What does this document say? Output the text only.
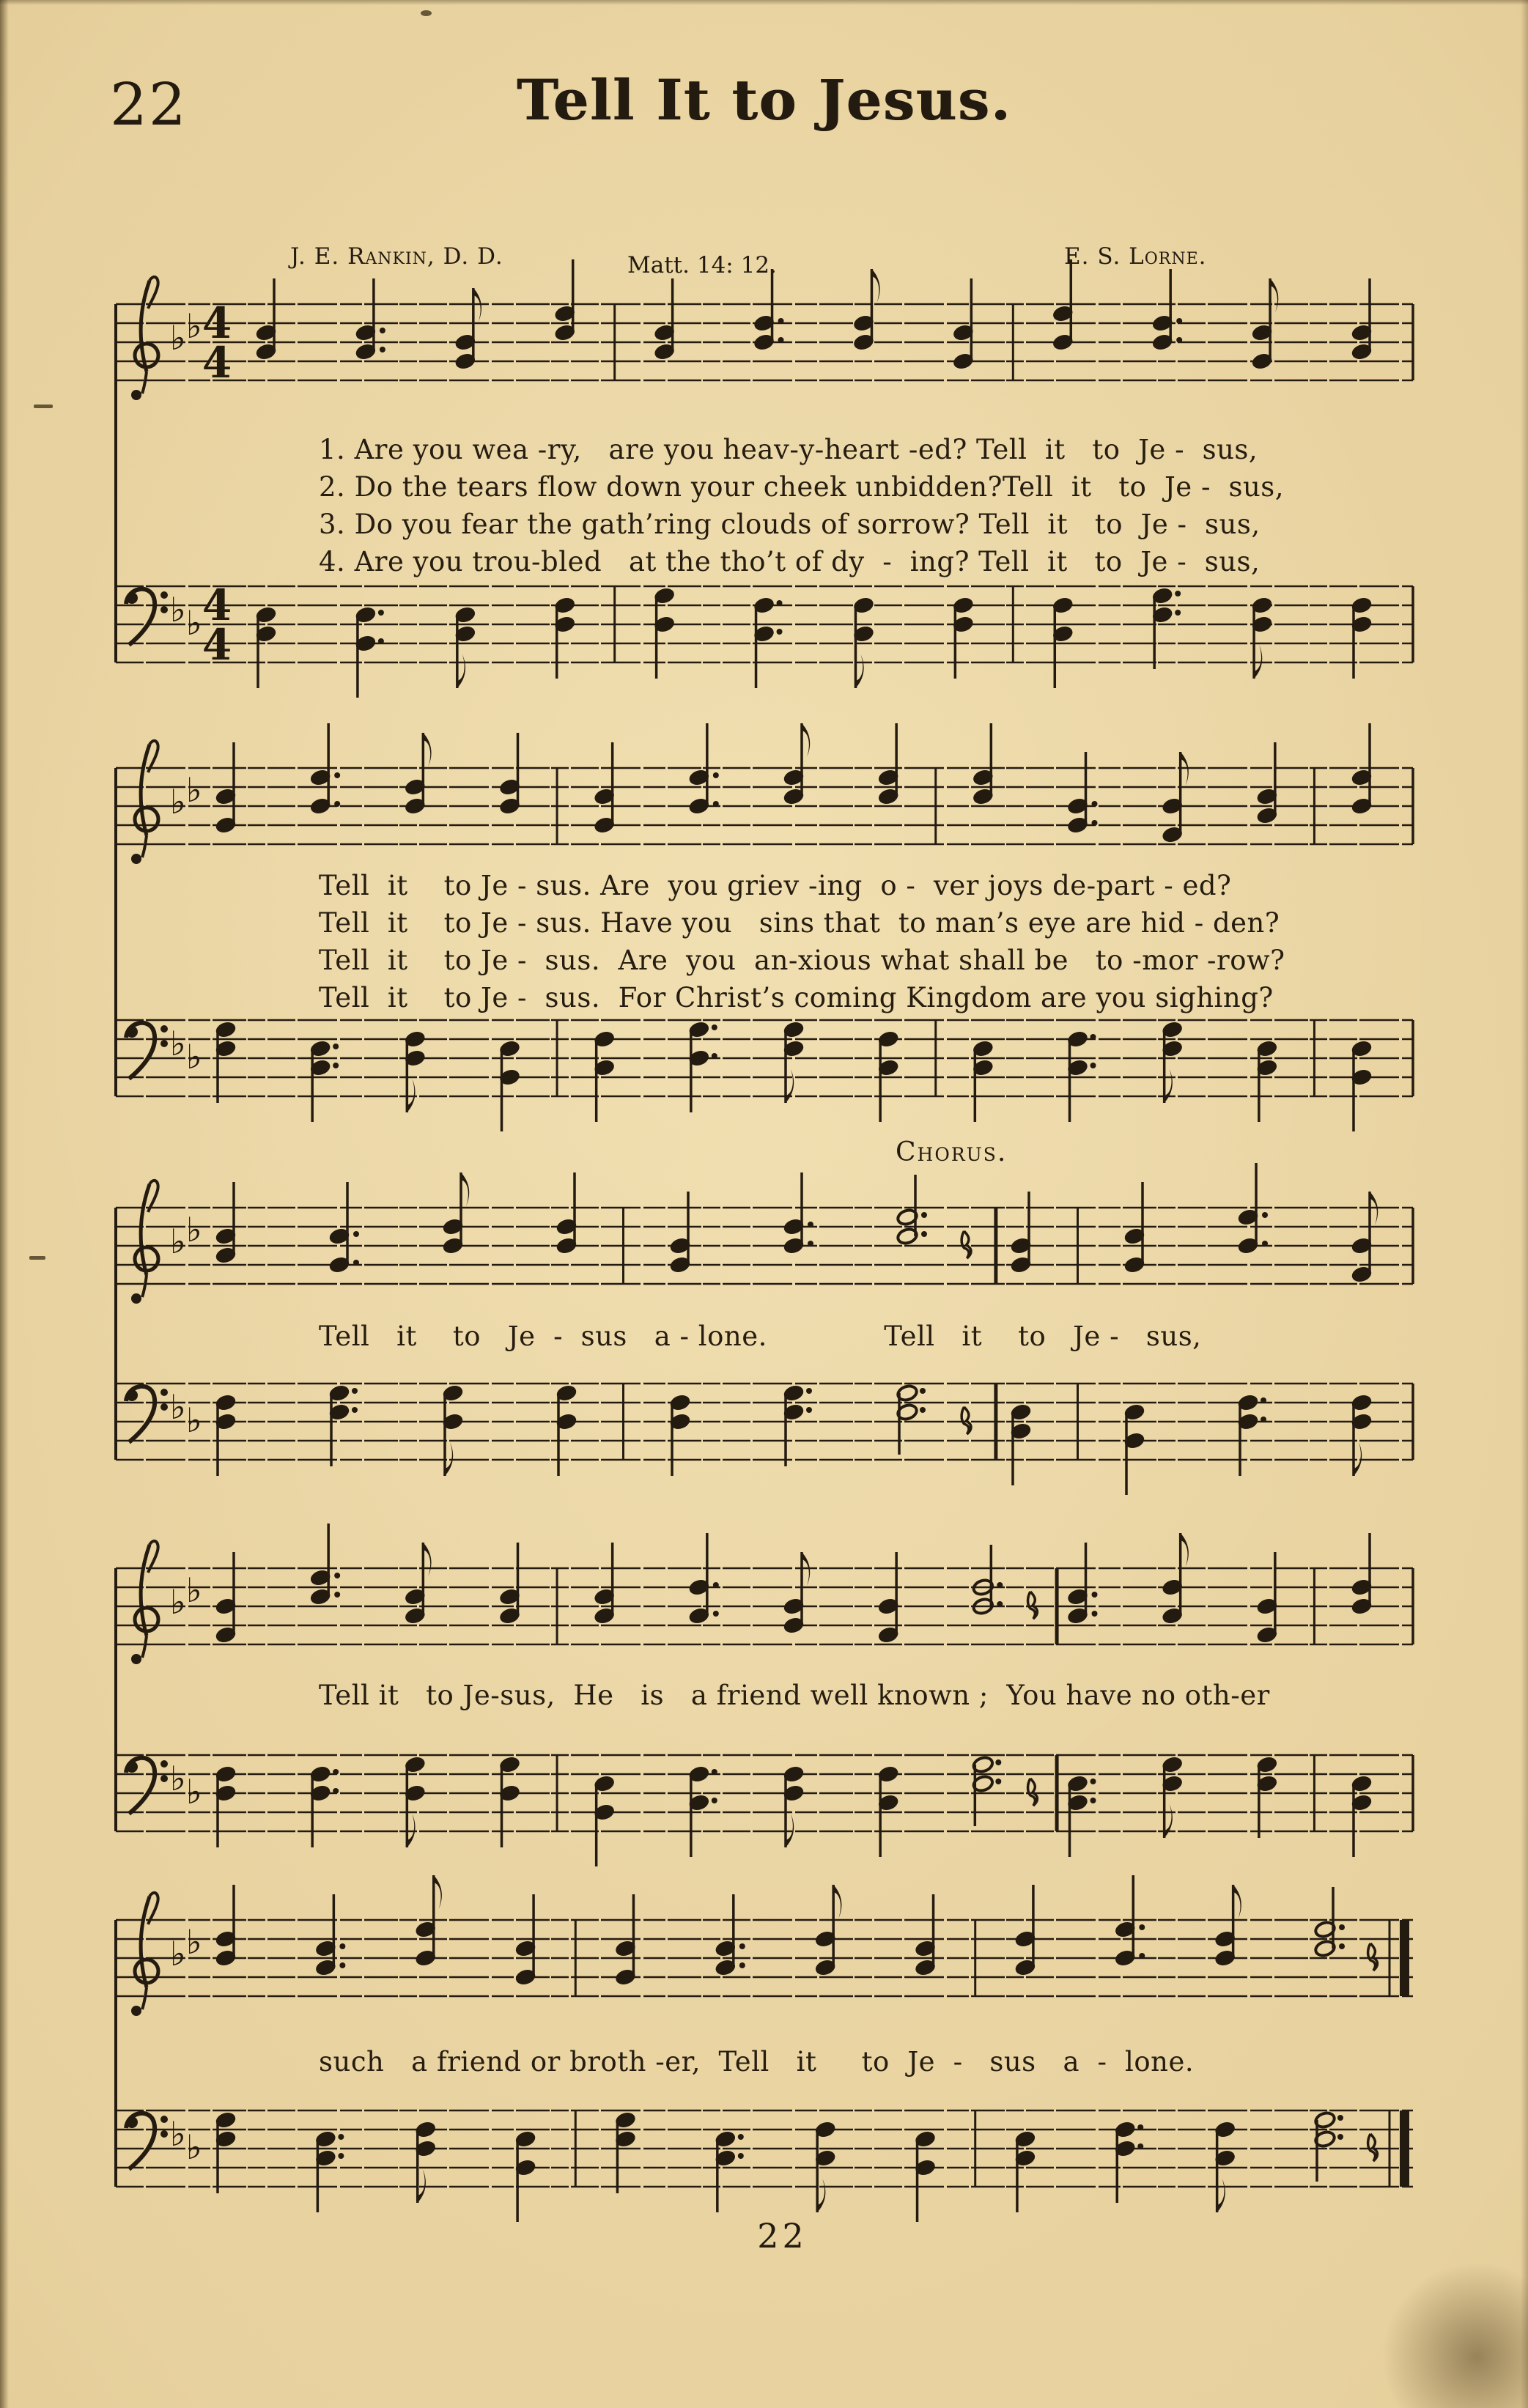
22	Tell It to Jesus.
J. E. Rankin, D. D.	Matt. 14: 12.	E. S. Lorne.
♭ ♭
♭ ♭
4
4
4
4
♭ ♭
♭ ♭
♭ ♭
♭ ♭
♭ ♭
♭ ♭
♭ ♭
♭ ♭
1. Are you wea -ry,   are you heav-y-heart -ed? Tell  it   to  Je -  sus,
2. Do the tears flow down your cheek unbidden?Tell  it   to  Je -  sus,
3. Do you fear the gath’ring clouds of sorrow? Tell  it   to  Je -  sus,
4. Are you trou-bled   at the tho’t of dy  -  ing? Tell  it   to  Je -  sus,
Tell  it    to Je - sus. Are  you griev -ing  o -  ver joys de-part - ed?
Tell  it    to Je - sus. Have you   sins that  to man’s eye are hid - den?
Tell  it    to Je -  sus.  Are  you  an-xious what shall be   to -mor -row?
Tell  it    to Je -  sus.  For Christ’s coming Kingdom are you sighing?
Chorus.
Tell   it    to   Je  -  sus   a - lone.             Tell   it    to   Je -   sus,
Tell it   to Je-sus,  He   is   a friend well known ;  You have no oth-er
such   a friend or broth -er,  Tell   it     to  Je  -   sus   a  -  lone.
22
